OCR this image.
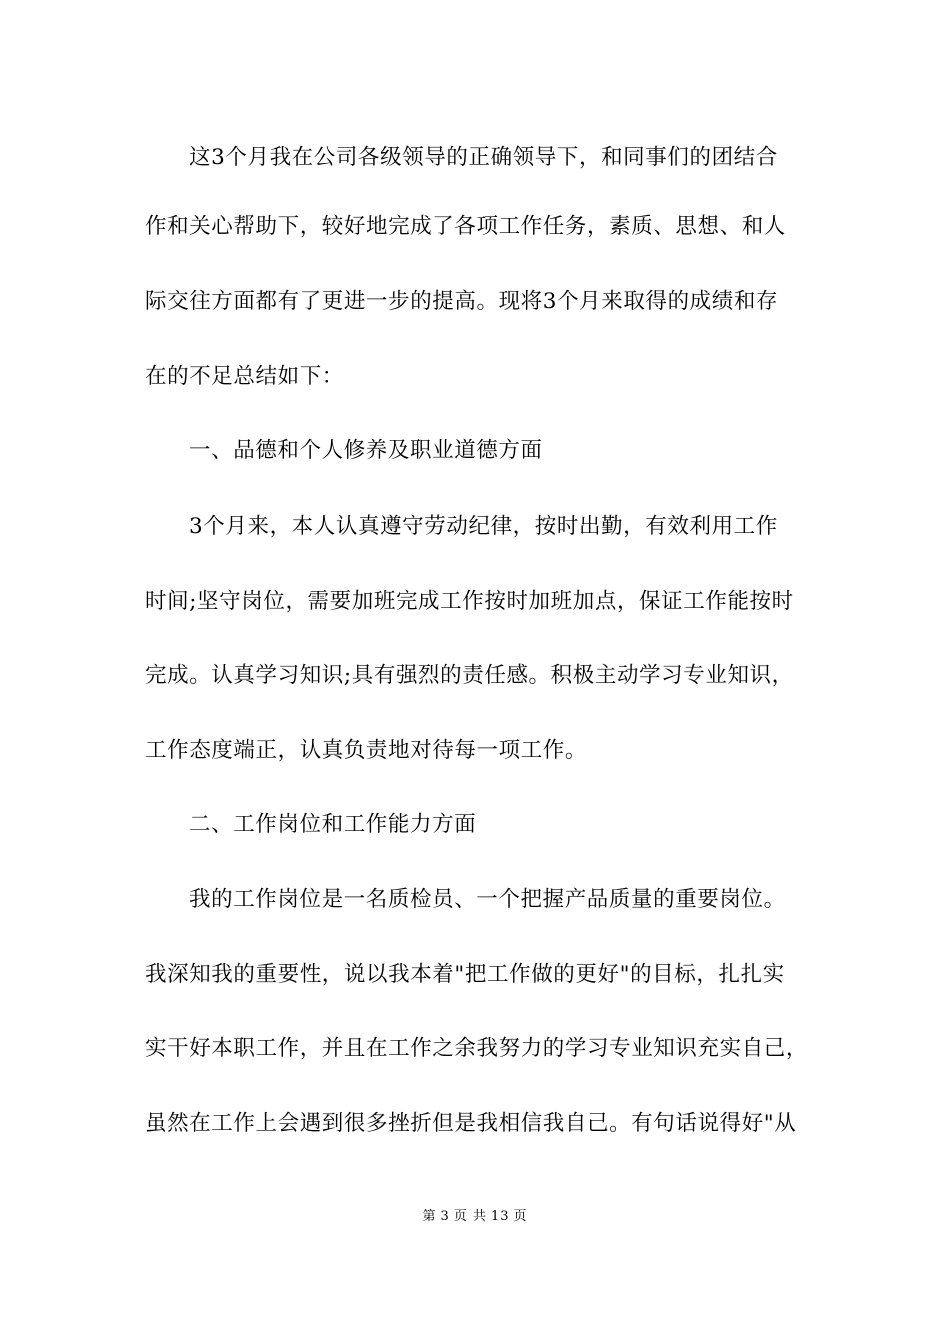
这3个月我在公司各级领导的正确领导下，和同事们的团结合
作和关心帮助下，较好地完成了各项工作任务，素质、思想、和人
际交往方面都有了更进一步的提高。现将3个月来取得的成绩和存
在的不足总结如下：
一、品德和个人修养及职业道德方面
3个月来，本人认真遵守劳动纪律，按时出勤，有效利用工作
时间;坚守岗位，需要加班完成工作按时加班加点，保证工作能按时
完成。认真学习知识;具有强烈的责任感。积极主动学习专业知识，
工作态度端正，认真负责地对待每一项工作。
二、工作岗位和工作能力方面
我的工作岗位是一名质检员、一个把握产品质量的重要岗位。
我深知我的重要性，说以我本着"把工作做的更好"的目标，扎扎实
实干好本职工作，并且在工作之余我努力的学习专业知识充实自己，
虽然在工作上会遇到很多挫折但是我相信我自己。有句话说得好"从
第 3 页 共 13 页
